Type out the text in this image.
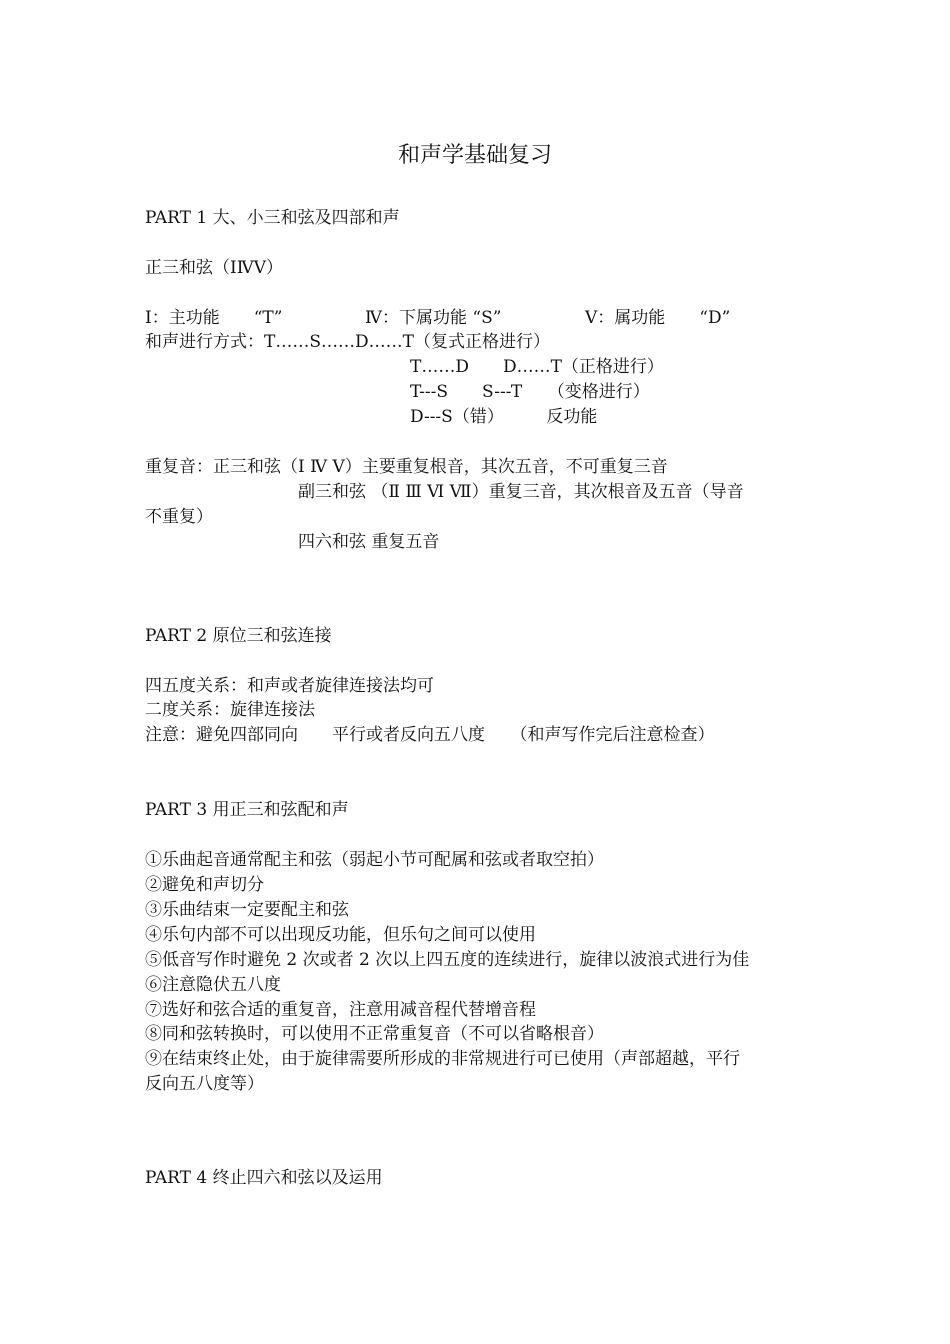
和声学基础复习
PART 1 大、小三和弦及四部和声
正三和弦（ⅠⅣⅤ）
Ⅰ：主功能　　“T”	Ⅳ：下属功能 “S”	Ⅴ：属功能　　“D”
和声进行方式：T……S……D……T（复式正格进行）
T……D　　D……T（正格进行）
T---S　　S---T　　（变格进行）
D---S（错）　　　反功能
重复音：正三和弦（Ⅰ Ⅳ Ⅴ）主要重复根音，其次五音，不可重复三音
副三和弦 （Ⅱ Ⅲ Ⅵ Ⅶ）重复三音，其次根音及五音（导音
不重复）
四六和弦 重复五音
PART 2 原位三和弦连接
四五度关系：和声或者旋律连接法均可
二度关系：旋律连接法
注意：避免四部同向　　平行或者反向五八度　　（和声写作完后注意检查）
PART 3 用正三和弦配和声
①乐曲起音通常配主和弦（弱起小节可配属和弦或者取空拍）
②避免和声切分
③乐曲结束一定要配主和弦
④乐句内部不可以出现反功能，但乐句之间可以使用
⑤低音写作时避免 2 次或者 2 次以上四五度的连续进行，旋律以波浪式进行为佳
⑥注意隐伏五八度
⑦选好和弦合适的重复音，注意用减音程代替增音程
⑧同和弦转换时，可以使用不正常重复音（不可以省略根音）
⑨在结束终止处，由于旋律需要所形成的非常规进行可已使用（声部超越，平行
反向五八度等）
PART 4 终止四六和弦以及运用
